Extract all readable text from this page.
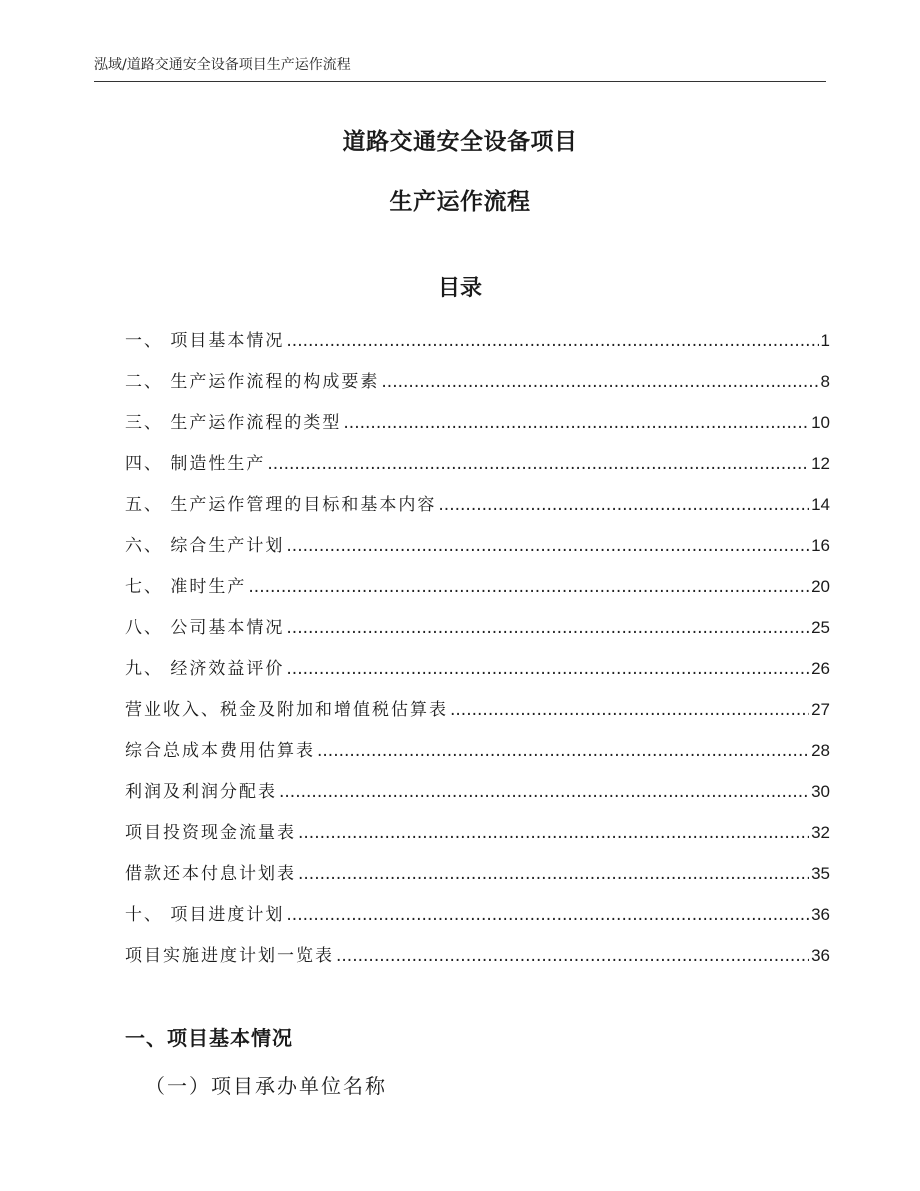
泓域/道路交通安全设备项目生产运作流程
道路交通安全设备项目
生产运作流程
目录
一、 项目基本情况 .....	1
二、 生产运作流程的构成要素 .....	8
三、 生产运作流程的类型 .....	10
四、 制造性生产 .....	12
五、 生产运作管理的目标和基本内容 .....	14
六、 综合生产计划 .....	16
七、 准时生产 .....	20
八、 公司基本情况 .....	25
九、 经济效益评价 .....	26
营业收入、税金及附加和增值税估算表 .....	27
综合总成本费用估算表 .....	28
利润及利润分配表 .....	30
项目投资现金流量表 .....	32
借款还本付息计划表 .....	35
十、 项目进度计划 .....	36
项目实施进度计划一览表 .....	36
一、项目基本情况
（一）项目承办单位名称
